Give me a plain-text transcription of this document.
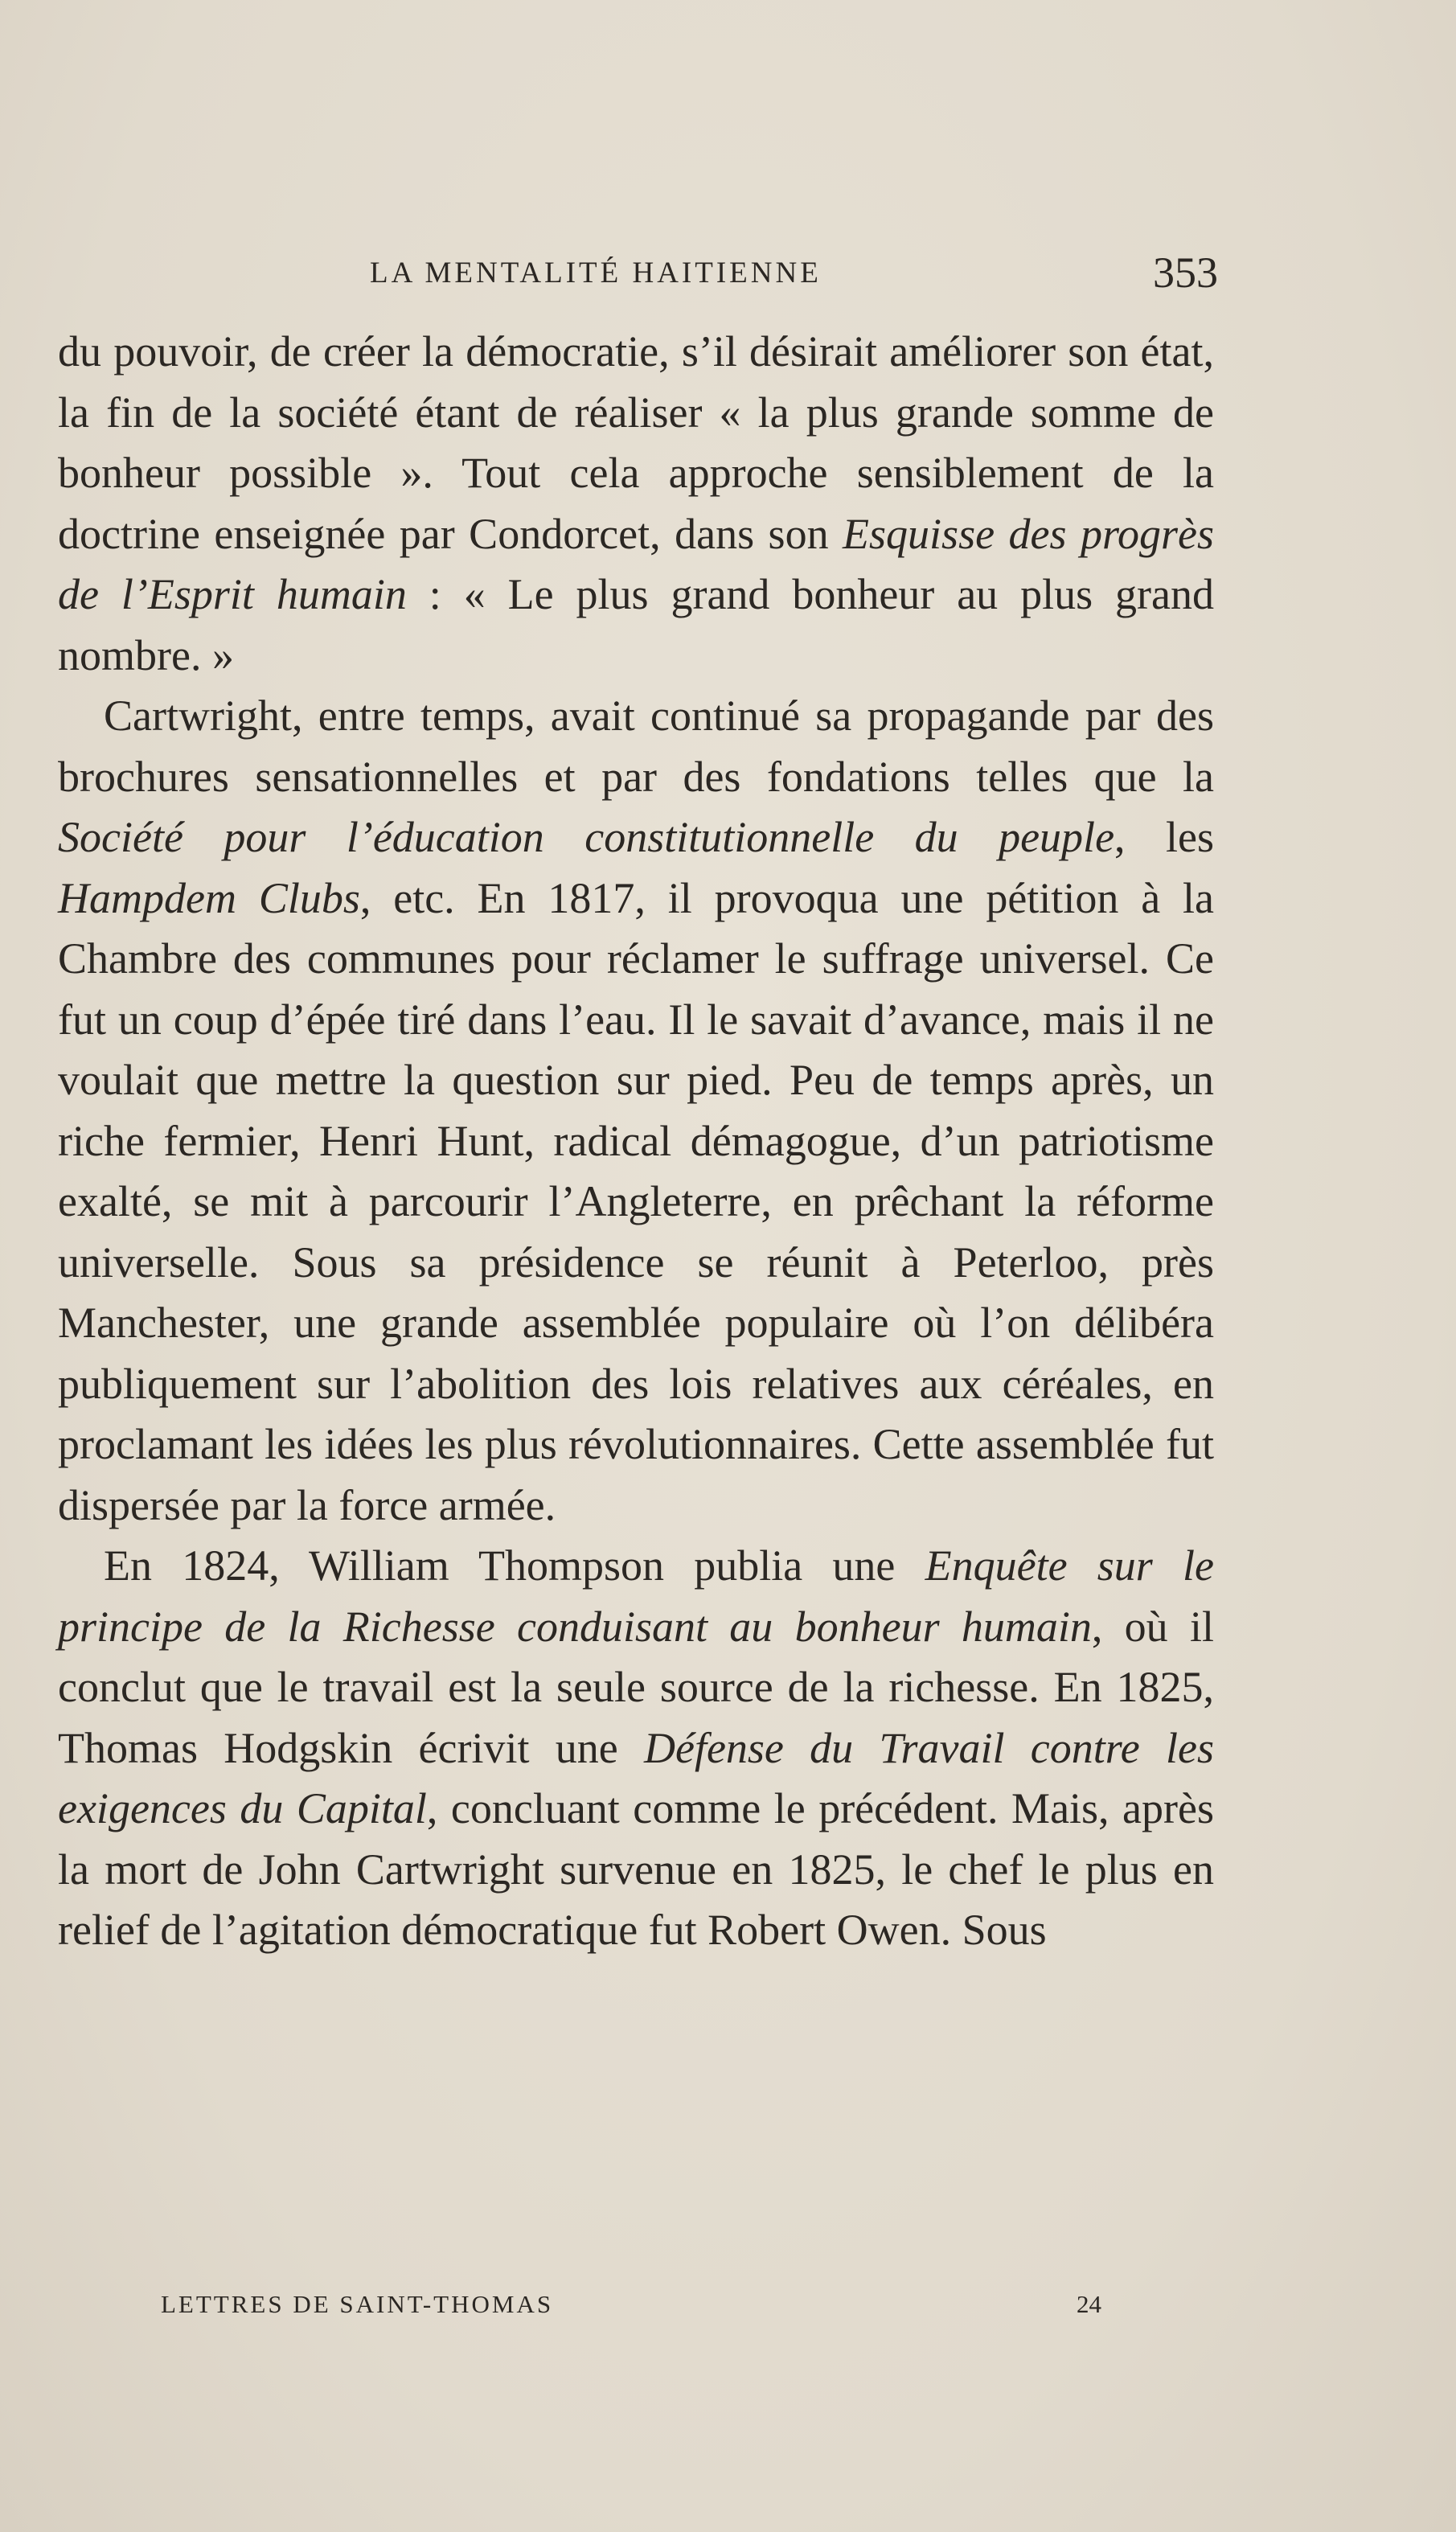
LA MENTALITÉ HAITIENNE	353

du pouvoir, de créer la démocratie, s’il désirait améliorer son état, la fin de la société étant de réaliser « la plus grande somme de bonheur possible ». Tout cela approche sensiblement de la doctrine enseignée par Condorcet, dans son Esquisse des progrès de l’Esprit humain : « Le plus grand bonheur au plus grand nombre. »

Cartwright, entre temps, avait continué sa propagande par des brochures sensationnelles et par des fondations telles que la Société pour l’éducation constitutionnelle du peuple, les Hampdem Clubs, etc. En 1817, il provoqua une pétition à la Chambre des communes pour réclamer le suffrage universel. Ce fut un coup d’épée tiré dans l’eau. Il le savait d’avance, mais il ne voulait que mettre la question sur pied. Peu de temps après, un riche fermier, Henri Hunt, radical démagogue, d’un patriotisme exalté, se mit à parcourir l’Angleterre, en prêchant la réforme universelle. Sous sa présidence se réunit à Peterloo, près Manchester, une grande assemblée populaire où l’on délibéra publiquement sur l’abolition des lois relatives aux céréales, en proclamant les idées les plus révolutionnaires. Cette assemblée fut dispersée par la force armée.

En 1824, William Thompson publia une Enquête sur le principe de la Richesse conduisant au bonheur humain, où il conclut que le travail est la seule source de la richesse. En 1825, Thomas Hodgskin écrivit une Défense du Travail contre les exigences du Capital, concluant comme le précédent. Mais, après la mort de John Cartwright survenue en 1825, le chef le plus en relief de l’agitation démocratique fut Robert Owen. Sous

LETTRES DE SAINT-THOMAS	24
